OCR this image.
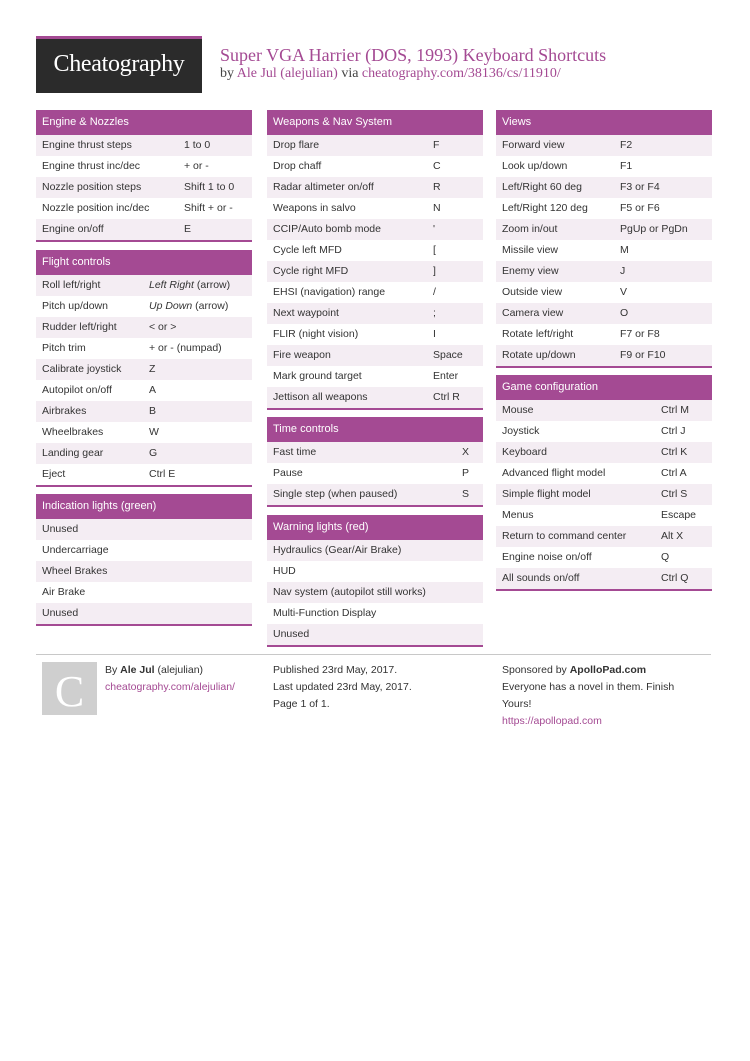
Cheatography	Super VGA Harrier (DOS, 1993) Keyboard Shortcuts
by Ale Jul (alejulian) via cheatography.com/38136/cs/11910/
Engine & Nozzles
Engine thrust steps	1 to 0
Engine thrust inc/dec	+ or -
Nozzle position steps	Shift 1 to 0
Nozzle position inc/dec	Shift + or -
Engine on/off	E
Flight controls
Roll left/right	Left Right (arrow)
Pitch up/down	Up Down (arrow)
Rudder left/right	< or >
Pitch trim	+ or - (numpad)
Calibrate joystick	Z
Autopilot on/off	A
Airbrakes	B
Wheelbrakes	W
Landing gear	G
Eject	Ctrl E
Indication lights (green)
Unused
Undercarriage
Wheel Brakes
Air Brake
Unused
Weapons & Nav System
Drop flare	F
Drop chaff	C
Radar altimeter on/off	R
Weapons in salvo	N
CCIP/Auto bomb mode	'
Cycle left MFD	[
Cycle right MFD	]
EHSI (navigation) range	/
Next waypoint	;
FLIR (night vision)	I
Fire weapon	Space
Mark ground target	Enter
Jettison all weapons	Ctrl R
Time controls
Fast time	X
Pause	P
Single step (when paused)	S
Warning lights (red)
Hydraulics (Gear/Air Brake)
HUD
Nav system (autopilot still works)
Multi-Function Display
Unused
Views
Forward view	F2
Look up/down	F1
Left/Right 60 deg	F3 or F4
Left/Right 120 deg	F5 or F6
Zoom in/out	PgUp or PgDn
Missile view	M
Enemy view	J
Outside view	V
Camera view	O
Rotate left/right	F7 or F8
Rotate up/down	F9 or F10
Game configuration
Mouse	Ctrl M
Joystick	Ctrl J
Keyboard	Ctrl K
Advanced flight model	Ctrl A
Simple flight model	Ctrl S
Menus	Escape
Return to command center	Alt X
Engine noise on/off	Q
All sounds on/off	Ctrl Q
C	By Ale Jul (alejulian)
cheatography.com/alejulian/
Published 23rd May, 2017.
Last updated 23rd May, 2017.
Page 1 of 1.
Sponsored by ApolloPad.com
Everyone has a novel in them. Finish
Yours!
https://apollopad.com
